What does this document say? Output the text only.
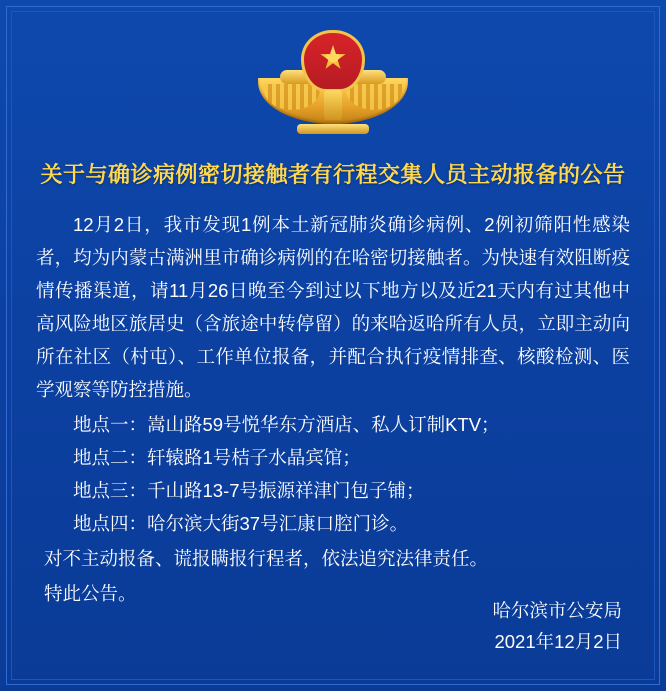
关于与确诊病例密切接触者有行程交集人员主动报备的公告

12月2日，我市发现1例本土新冠肺炎确诊病例、2例初筛阳性感染者，均为内蒙古满洲里市确诊病例的在哈密切接触者。为快速有效阻断疫情传播渠道，请11月26日晚至今到过以下地方以及近21天内有过其他中高风险地区旅居史（含旅途中转停留）的来哈返哈所有人员，立即主动向所在社区（村屯）、工作单位报备，并配合执行疫情排查、核酸检测、医学观察等防控措施。

地点一：嵩山路59号悦华东方酒店、私人订制KTV；

地点二：轩辕路1号桔子水晶宾馆；

地点三：千山路13-7号振源祥津门包子铺；

地点四：哈尔滨大街37号汇康口腔门诊。

对不主动报备、谎报瞒报行程者，依法追究法律责任。

特此公告。

哈尔滨市公安局
2021年12月2日
